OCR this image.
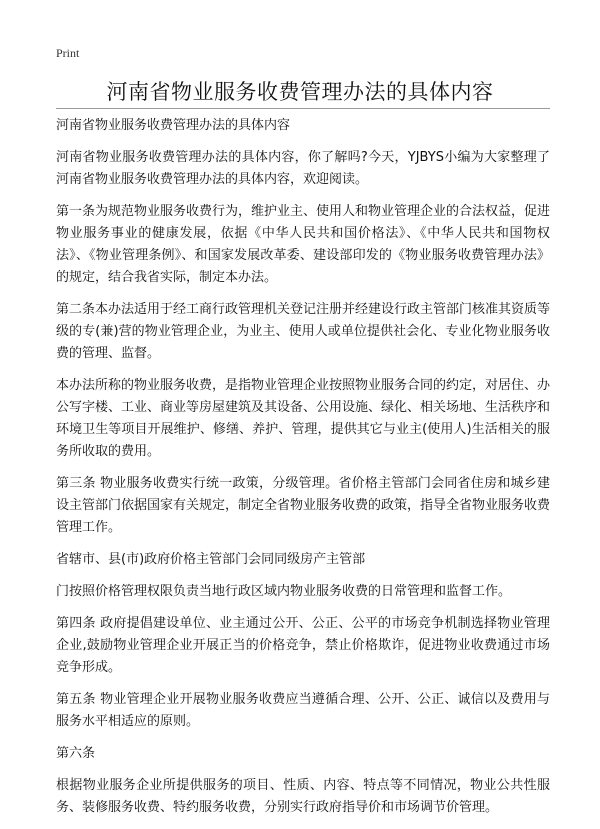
Print
河南省物业服务收费管理办法的具体内容

河南省物业服务收费管理办法的具体内容

河南省物业服务收费管理办法的具体内容，你了解吗?今天，YJBYS小编为大家整理了河南省物业服务收费管理办法的具体内容，欢迎阅读。

第一条为规范物业服务收费行为，维护业主、使用人和物业管理企业的合法权益，促进物业服务事业的健康发展，依据《中华人民共和国价格法》、《中华人民共和国物权法》、《物业管理条例》、和国家发展改革委、建设部印发的《物业服务收费管理办法》的规定，结合我省实际，制定本办法。

第二条本办法适用于经工商行政管理机关登记注册并经建设行政主管部门核准其资质等级的专(兼)营的物业管理企业，为业主、使用人或单位提供社会化、专业化物业服务收费的管理、监督。

本办法所称的物业服务收费，是指物业管理企业按照物业服务合同的约定，对居住、办公写字楼、工业、商业等房屋建筑及其设备、公用设施、绿化、相关场地、生活秩序和环境卫生等项目开展维护、修缮、养护、管理，提供其它与业主(使用人)生活相关的服务所收取的费用。

第三条 物业服务收费实行统一政策，分级管理。省价格主管部门会同省住房和城乡建设主管部门依据国家有关规定，制定全省物业服务收费的政策，指导全省物业服务收费管理工作。

省辖市、县(市)政府价格主管部门会同同级房产主管部

门按照价格管理权限负责当地行政区域内物业服务收费的日常管理和监督工作。

第四条 政府提倡建设单位、业主通过公开、公正、公平的市场竞争机制选择物业管理企业,鼓励物业管理企业开展正当的价格竞争，禁止价格欺诈，促进物业收费通过市场竞争形成。

第五条 物业管理企业开展物业服务收费应当遵循合理、公开、公正、诚信以及费用与服务水平相适应的原则。

第六条

根据物业服务企业所提供服务的项目、性质、内容、特点等不同情况，物业公共性服务、装修服务收费、特约服务收费，分别实行政府指导价和市场调节价管理。
